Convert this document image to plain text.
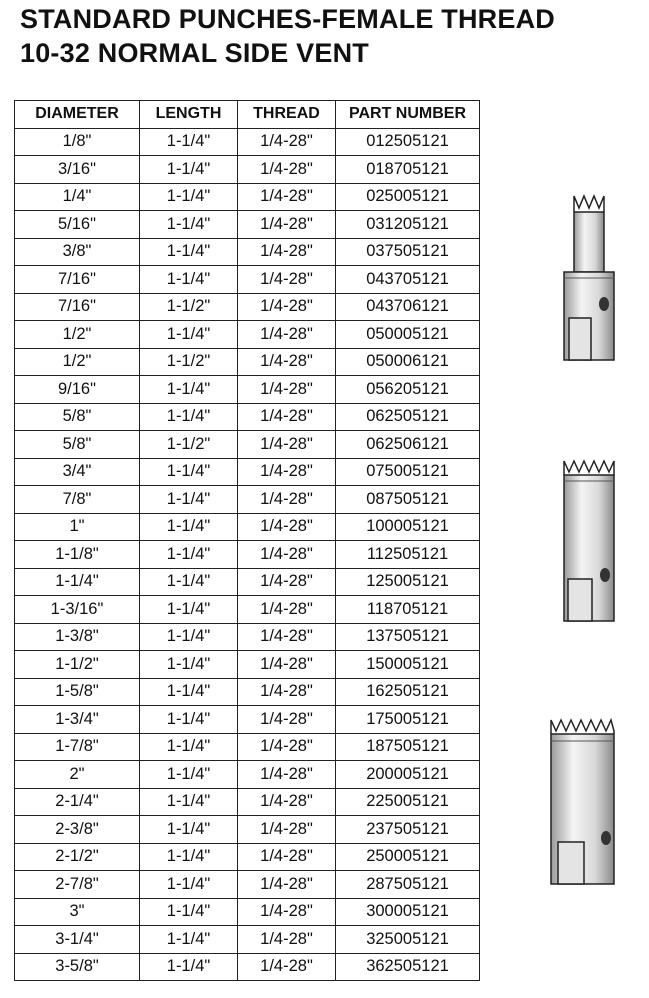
STANDARD PUNCHES-FEMALE THREAD
10-32 NORMAL SIDE VENT
DIAMETER	LENGTH	THREAD	PART NUMBER
1/8"	1-1/4"	1/4-28"	012505121
3/16"	1-1/4"	1/4-28"	018705121
1/4"	1-1/4"	1/4-28"	025005121
5/16"	1-1/4"	1/4-28"	031205121
3/8"	1-1/4"	1/4-28"	037505121
7/16"	1-1/4"	1/4-28"	043705121
7/16"	1-1/2"	1/4-28"	043706121
1/2"	1-1/4"	1/4-28"	050005121
1/2"	1-1/2"	1/4-28"	050006121
9/16"	1-1/4"	1/4-28"	056205121
5/8"	1-1/4"	1/4-28"	062505121
5/8"	1-1/2"	1/4-28"	062506121
3/4"	1-1/4"	1/4-28"	075005121
7/8"	1-1/4"	1/4-28"	087505121
1"	1-1/4"	1/4-28"	100005121
1-1/8"	1-1/4"	1/4-28"	112505121
1-1/4"	1-1/4"	1/4-28"	125005121
1-3/16"	1-1/4"	1/4-28"	118705121
1-3/8"	1-1/4"	1/4-28"	137505121
1-1/2"	1-1/4"	1/4-28"	150005121
1-5/8"	1-1/4"	1/4-28"	162505121
1-3/4"	1-1/4"	1/4-28"	175005121
1-7/8"	1-1/4"	1/4-28"	187505121
2"	1-1/4"	1/4-28"	200005121
2-1/4"	1-1/4"	1/4-28"	225005121
2-3/8"	1-1/4"	1/4-28"	237505121
2-1/2"	1-1/4"	1/4-28"	250005121
2-7/8"	1-1/4"	1/4-28"	287505121
3"	1-1/4"	1/4-28"	300005121
3-1/4"	1-1/4"	1/4-28"	325005121
3-5/8"	1-1/4"	1/4-28"	362505121
